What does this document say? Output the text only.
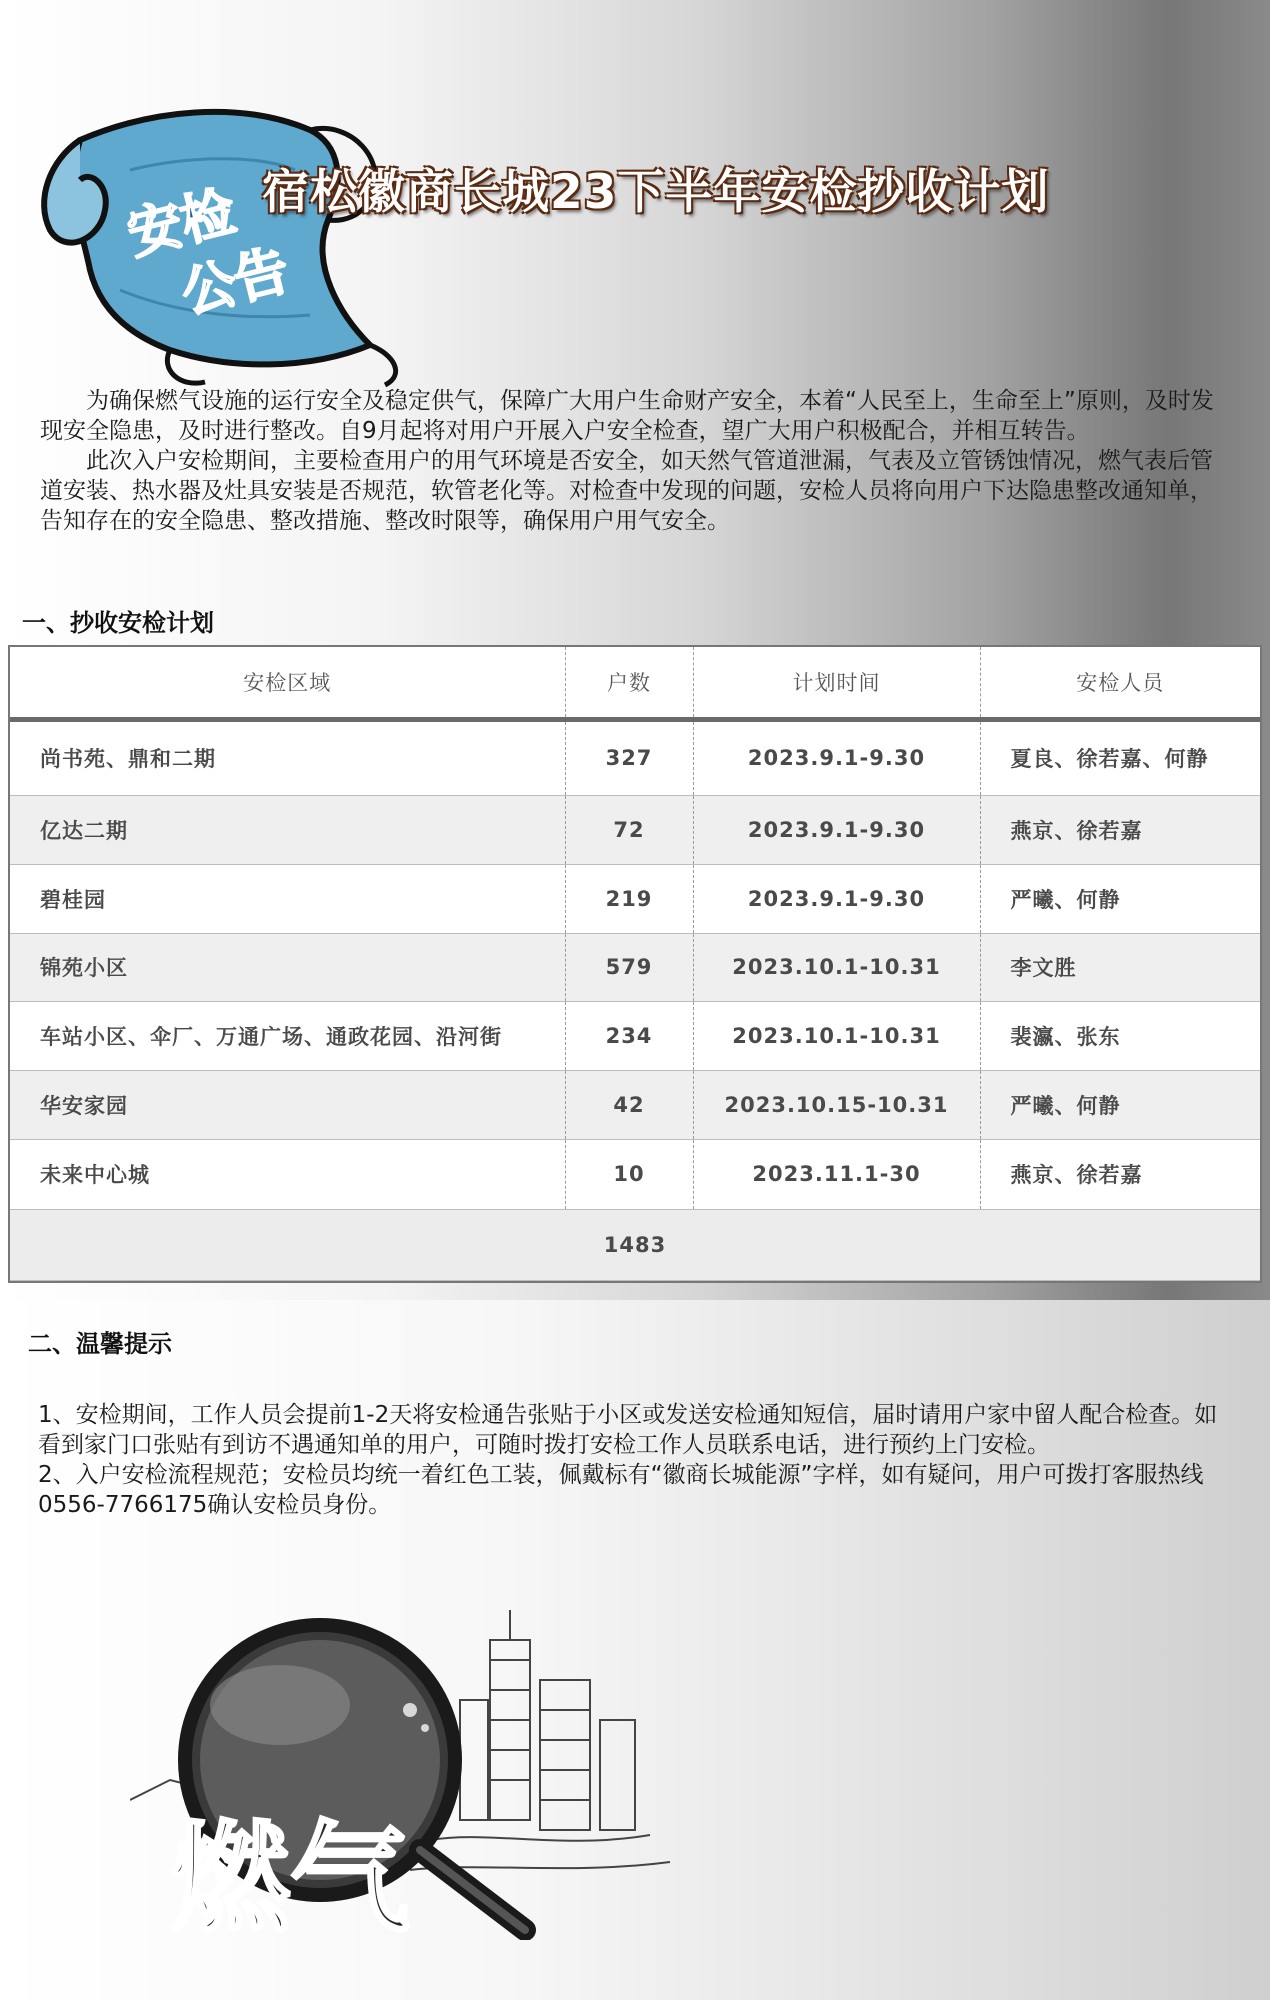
安检
公告
宿松徽商长城23下半年安检抄收计划

为确保燃气设施的运行安全及稳定供气，保障广大用户生命财产安全，本着“人民至上，生命至上”原则，及时发现安全隐患，及时进行整改。自9月起将对用户开展入户安全检查，望广大用户积极配合，并相互转告。

此次入户安检期间，主要检查用户的用气环境是否安全，如天然气管道泄漏，气表及立管锈蚀情况，燃气表后管道安装、热水器及灶具安装是否规范，软管老化等。对检查中发现的问题，安检人员将向用户下达隐患整改通知单，告知存在的安全隐患、整改措施、整改时限等，确保用户用气安全。

一、抄收安检计划
安检区域	户数	计划时间	安检人员
尚书苑、鼎和二期	327	2023.9.1-9.30	夏良、徐若嘉、何静
亿达二期	72	2023.9.1-9.30	燕京、徐若嘉
碧桂园	219	2023.9.1-9.30	严曦、何静
锦苑小区	579	2023.10.1-10.31	李文胜
车站小区、伞厂、万通广场、通政花园、沿河街	234	2023.10.1-10.31	裴瀛、张东
华安家园	42	2023.10.15-10.31	严曦、何静
未来中心城	10	2023.11.1-30	燕京、徐若嘉
1483			
二、温馨提示

1、安检期间，工作人员会提前1-2天将安检通告张贴于小区或发送安检通知短信，届时请用户家中留人配合检查。如看到家门口张贴有到访不遇通知单的用户，可随时拨打安检工作人员联系电话，进行预约上门安检。

2、入户安检流程规范；安检员均统一着红色工装，佩戴标有“徽商长城能源”字样，如有疑问，用户可拨打客服热线0556-7766175确认安检员身份。

燃气
